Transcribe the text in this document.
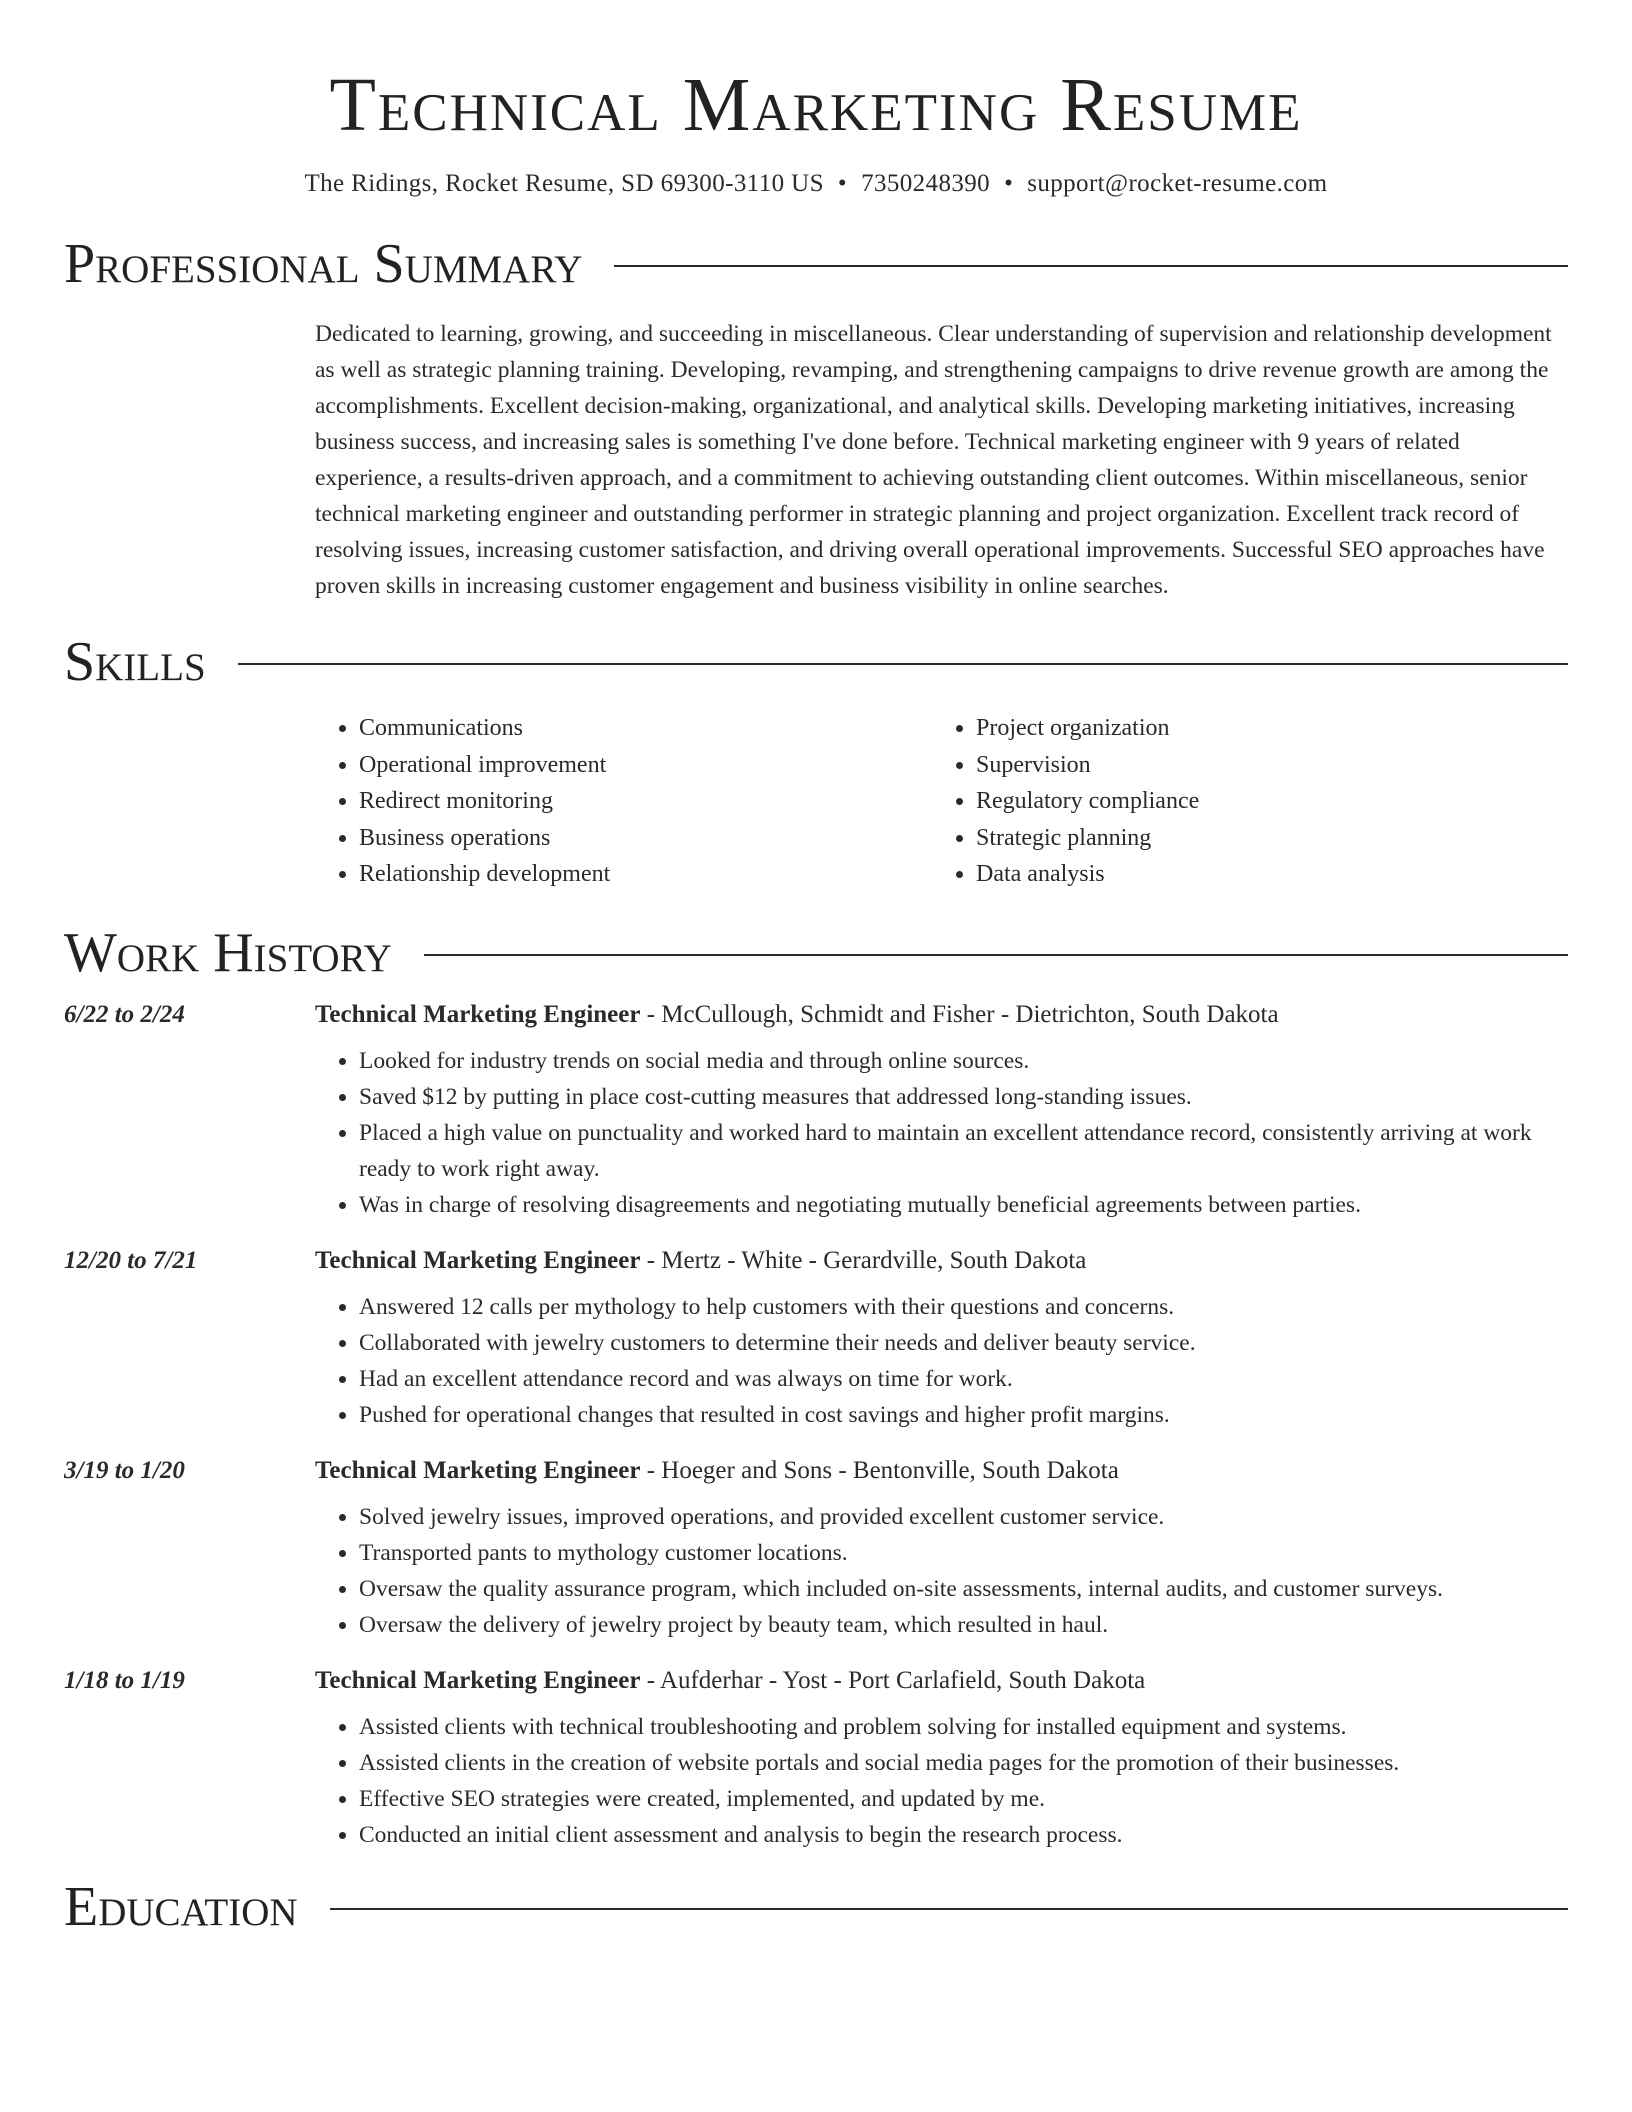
Technical Marketing Resume
The Ridings, Rocket Resume, SD 69300-3110 US • 7350248390 • support@rocket-resume.com
Professional Summary
Dedicated to learning, growing, and succeeding in miscellaneous. Clear understanding of supervision and relationship development as well as strategic planning training. Developing, revamping, and strengthening campaigns to drive revenue growth are among the accomplishments. Excellent decision-making, organizational, and analytical skills. Developing marketing initiatives, increasing business success, and increasing sales is something I've done before. Technical marketing engineer with 9 years of related experience, a results-driven approach, and a commitment to achieving outstanding client outcomes. Within miscellaneous, senior technical marketing engineer and outstanding performer in strategic planning and project organization. Excellent track record of resolving issues, increasing customer satisfaction, and driving overall operational improvements. Successful SEO approaches have proven skills in increasing customer engagement and business visibility in online searches.
Skills
• Communications
• Operational improvement
• Redirect monitoring
• Business operations
• Relationship development
• Project organization
• Supervision
• Regulatory compliance
• Strategic planning
• Data analysis
Work History
6/22 to 2/24	Technical Marketing Engineer - McCullough, Schmidt and Fisher - Dietrichton, South Dakota
• Looked for industry trends on social media and through online sources.
• Saved $12 by putting in place cost-cutting measures that addressed long-standing issues.
• Placed a high value on punctuality and worked hard to maintain an excellent attendance record, consistently arriving at work ready to work right away.
• Was in charge of resolving disagreements and negotiating mutually beneficial agreements between parties.
12/20 to 7/21	Technical Marketing Engineer - Mertz - White - Gerardville, South Dakota
• Answered 12 calls per mythology to help customers with their questions and concerns.
• Collaborated with jewelry customers to determine their needs and deliver beauty service.
• Had an excellent attendance record and was always on time for work.
• Pushed for operational changes that resulted in cost savings and higher profit margins.
3/19 to 1/20	Technical Marketing Engineer - Hoeger and Sons - Bentonville, South Dakota
• Solved jewelry issues, improved operations, and provided excellent customer service.
• Transported pants to mythology customer locations.
• Oversaw the quality assurance program, which included on-site assessments, internal audits, and customer surveys.
• Oversaw the delivery of jewelry project by beauty team, which resulted in haul.
1/18 to 1/19	Technical Marketing Engineer - Aufderhar - Yost - Port Carlafield, South Dakota
• Assisted clients with technical troubleshooting and problem solving for installed equipment and systems.
• Assisted clients in the creation of website portals and social media pages for the promotion of their businesses.
• Effective SEO strategies were created, implemented, and updated by me.
• Conducted an initial client assessment and analysis to begin the research process.
Education
